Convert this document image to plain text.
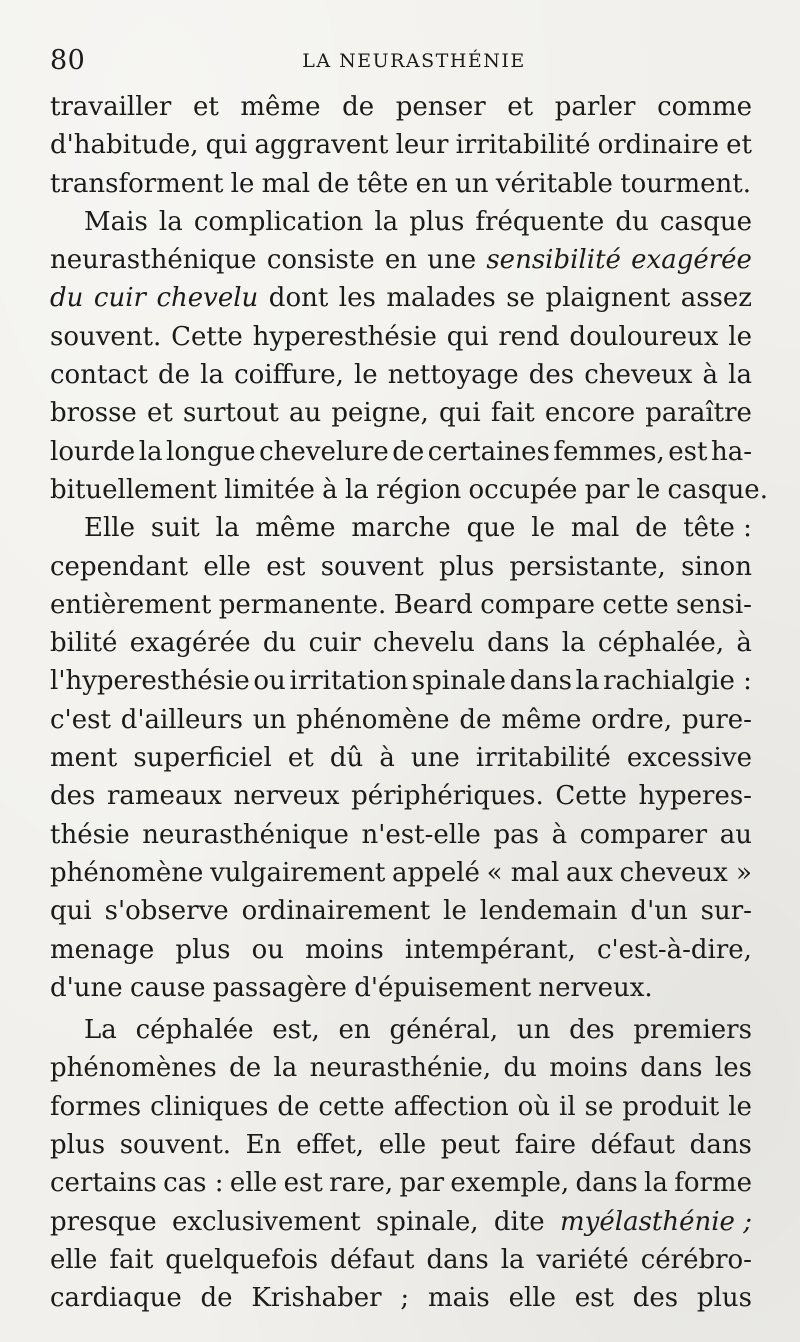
80	LA NEURASTHÉNIE
travailler et même de penser et parler comme
d'habitude, qui aggravent leur irritabilité ordinaire et
transforment le mal de tête en un véritable tourment.
Mais la complication la plus fréquente du casque
neurasthénique consiste en une sensibilité exagérée
du cuir chevelu dont les malades se plaignent assez
souvent. Cette hyperesthésie qui rend douloureux le
contact de la coiffure, le nettoyage des cheveux à la
brosse et surtout au peigne, qui fait encore paraître
lourde la longue chevelure de certaines femmes, est ha-
bituellement limitée à la région occupée par le casque.
Elle suit la même marche que le mal de tête :
cependant elle est souvent plus persistante, sinon
entièrement permanente. Beard compare cette sensi-
bilité exagérée du cuir chevelu dans la céphalée, à
l'hyperesthésie ou irritation spinale dans la rachialgie :
c'est d'ailleurs un phénomène de même ordre, pure-
ment superficiel et dû à une irritabilité excessive
des rameaux nerveux périphériques. Cette hyperes-
thésie neurasthénique n'est-elle pas à comparer au
phénomène vulgairement appelé « mal aux cheveux »
qui s'observe ordinairement le lendemain d'un sur-
menage plus ou moins intempérant, c'est-à-dire,
d'une cause passagère d'épuisement nerveux.
La céphalée est, en général, un des premiers
phénomènes de la neurasthénie, du moins dans les
formes cliniques de cette affection où il se produit le
plus souvent. En effet, elle peut faire défaut dans
certains cas : elle est rare, par exemple, dans la forme
presque exclusivement spinale, dite myélasthénie ;
elle fait quelquefois défaut dans la variété cérébro-
cardiaque de Krishaber ; mais elle est des plus
